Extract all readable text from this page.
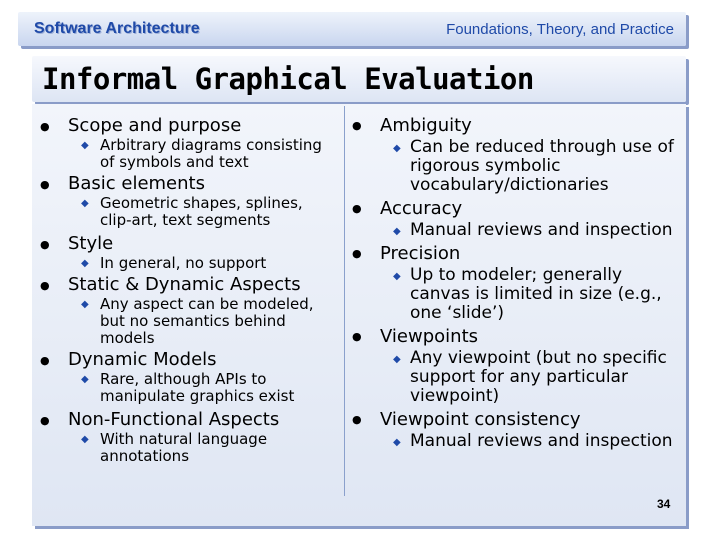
Software Architecture	Foundations, Theory, and Practice
Informal Graphical Evaluation
● Scope and purpose
◆ Arbitrary diagrams consisting of symbols and text
● Basic elements
◆ Geometric shapes, splines, clip-art, text segments
● Style
◆ In general, no support
● Static & Dynamic Aspects
◆ Any aspect can be modeled, but no semantics behind models
● Dynamic Models
◆ Rare, although APIs to manipulate graphics exist
● Non-Functional Aspects
◆ With natural language annotations
● Ambiguity
◆ Can be reduced through use of rigorous symbolic vocabulary/dictionaries
● Accuracy
◆ Manual reviews and inspection
● Precision
◆ Up to modeler; generally canvas is limited in size (e.g., one ‘slide’)
● Viewpoints
◆ Any viewpoint (but no specific support for any particular viewpoint)
● Viewpoint consistency
◆ Manual reviews and inspection
34
